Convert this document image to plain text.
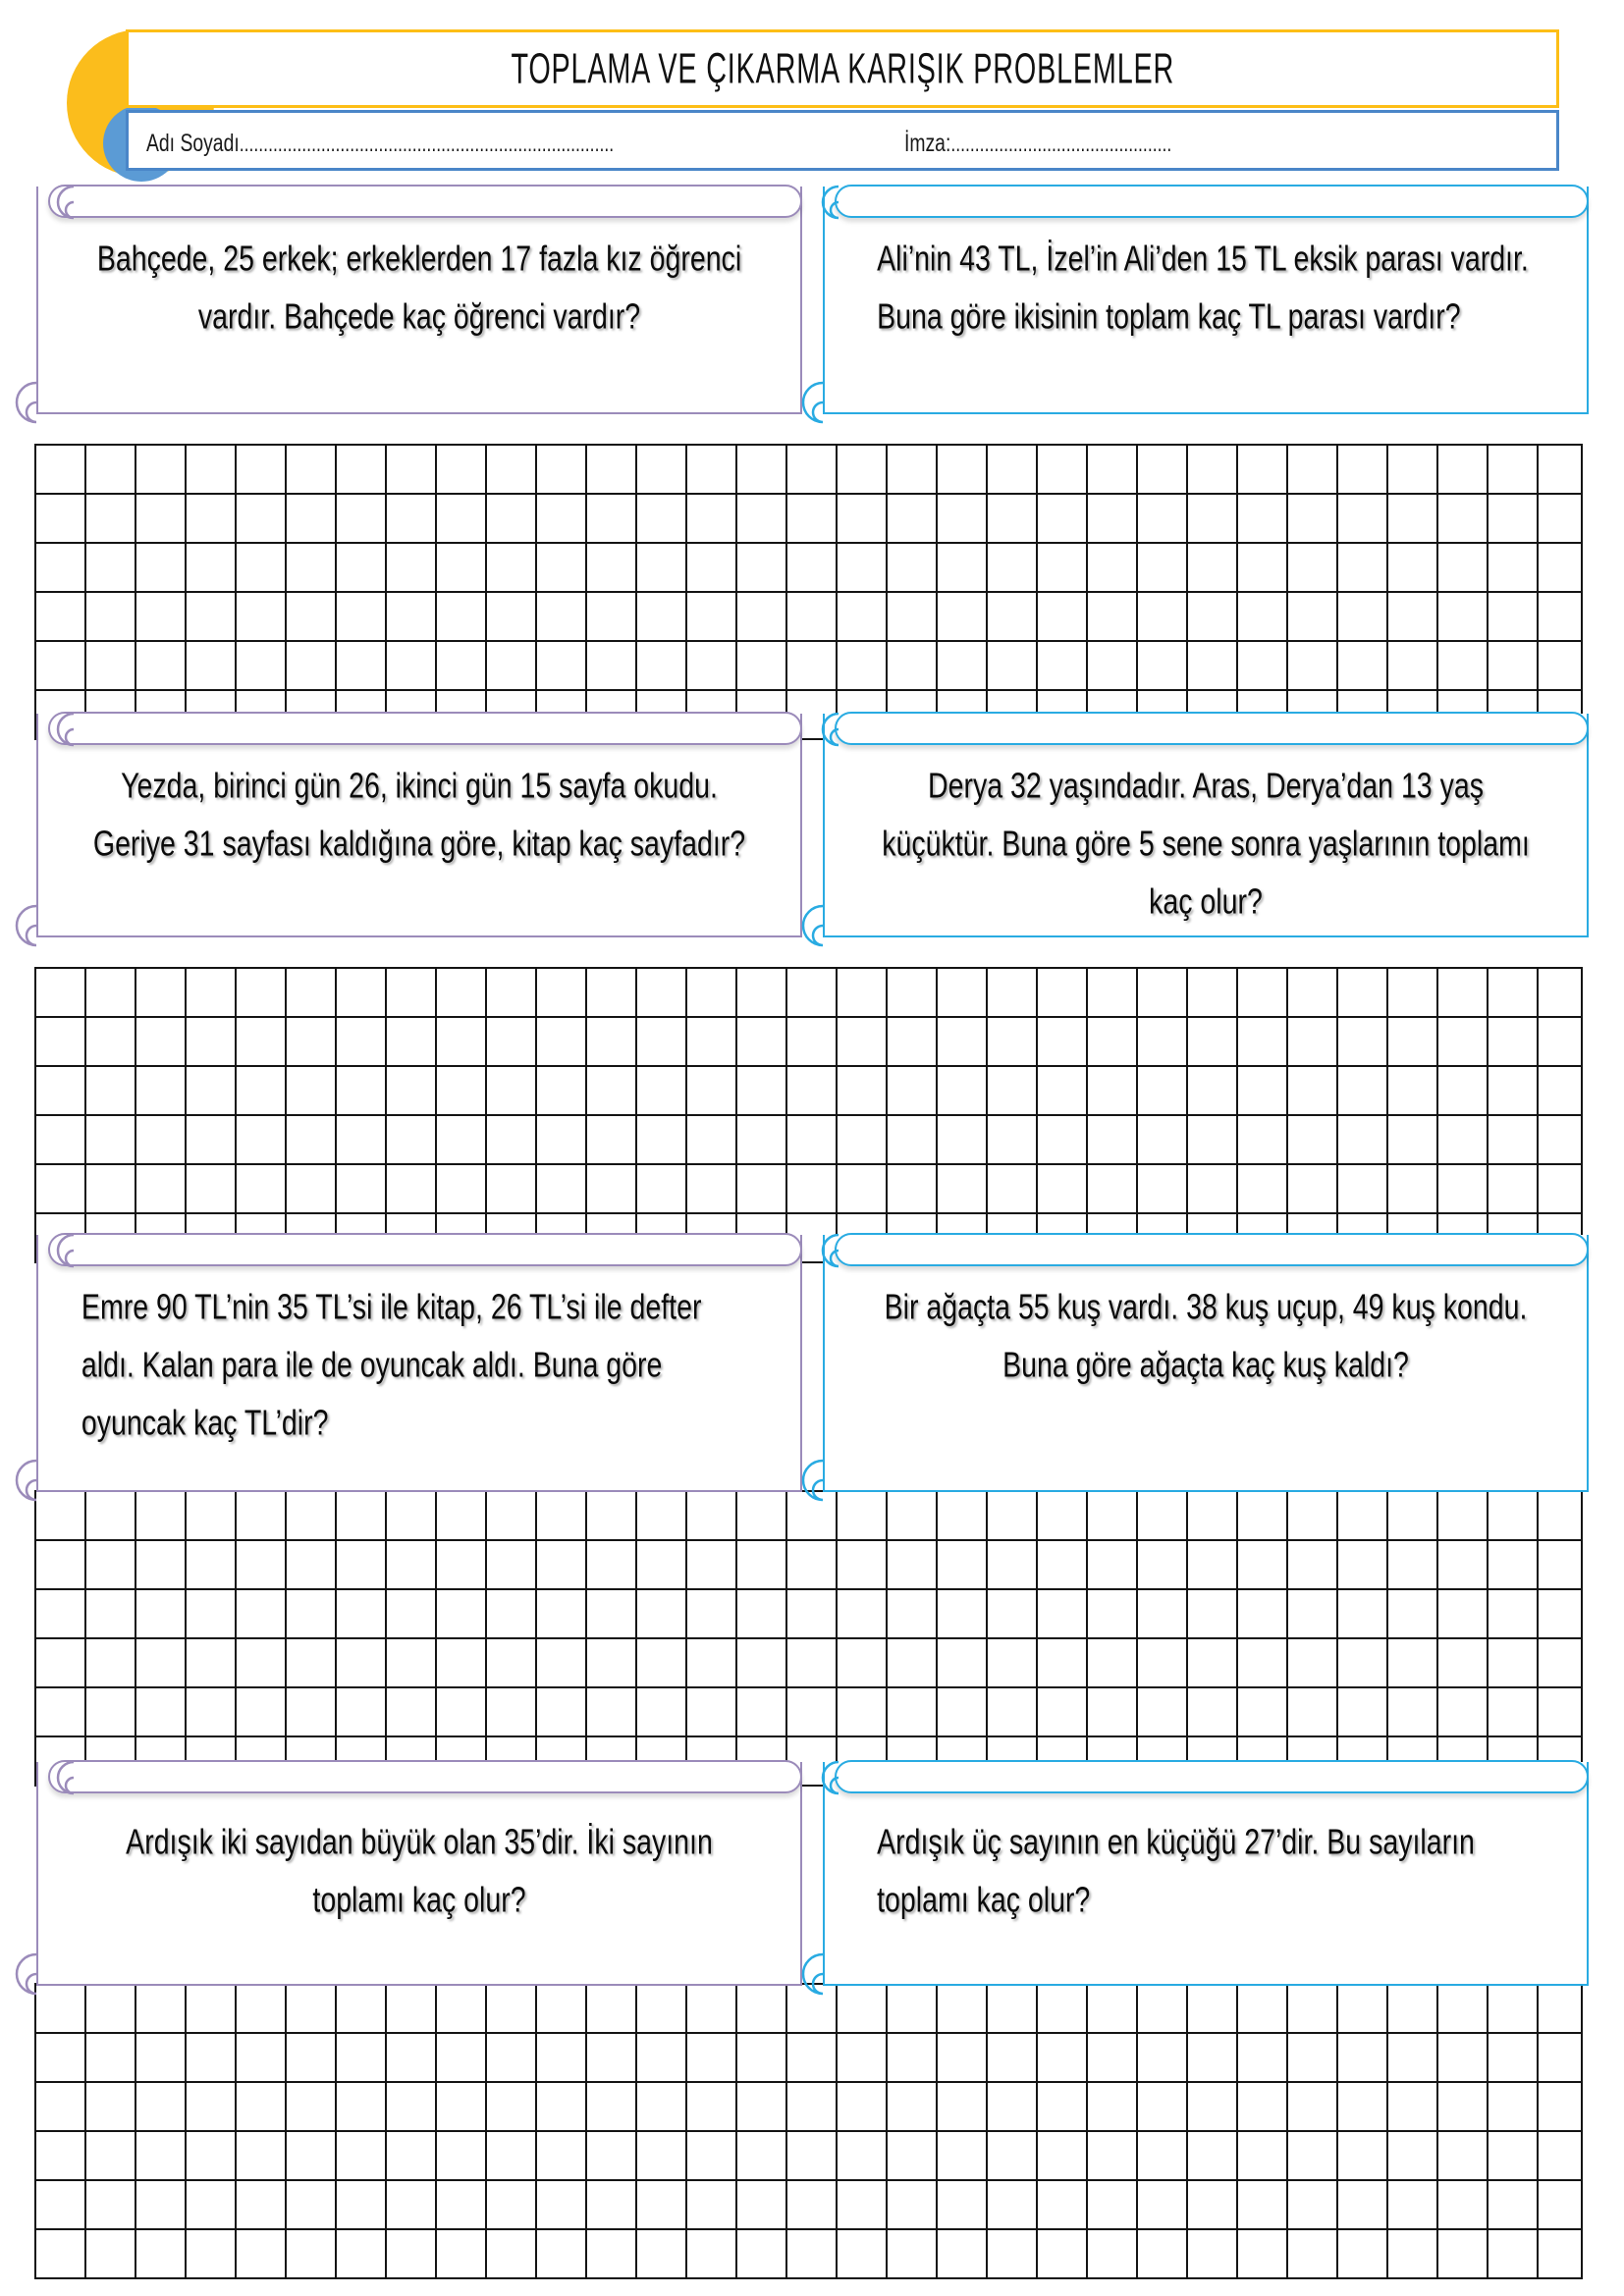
TOPLAMA VE ÇIKARMA KARIŞIK PROBLEMLER
Adı Soyadı..............................................................................	İmza:..............................................
Bahçede, 25 erkek; erkeklerden 17 fazla kız öğrenci vardır. Bahçede kaç öğrenci vardır?
Ali’nin 43 TL, İzel’in Ali’den 15 TL eksik parası vardır. Buna göre ikisinin toplam kaç TL parası vardır?
Yezda, birinci gün 26, ikinci gün 15 sayfa okudu. Geriye 31 sayfası kaldığına göre, kitap kaç sayfadır?
Derya 32 yaşındadır. Aras, Derya’dan 13 yaş küçüktür. Buna göre 5 sene sonra yaşlarının toplamı kaç olur?
Emre 90 TL’nin 35 TL’si ile kitap, 26 TL’si ile defter aldı. Kalan para ile de oyuncak aldı. Buna göre oyuncak kaç TL’dir?
Bir ağaçta 55 kuş vardı. 38 kuş uçup, 49 kuş kondu. Buna göre ağaçta kaç kuş kaldı?
Ardışık iki sayıdan büyük olan 35’dir. İki sayının toplamı kaç olur?
Ardışık üç sayının en küçüğü 27’dir. Bu sayıların toplamı kaç olur?
